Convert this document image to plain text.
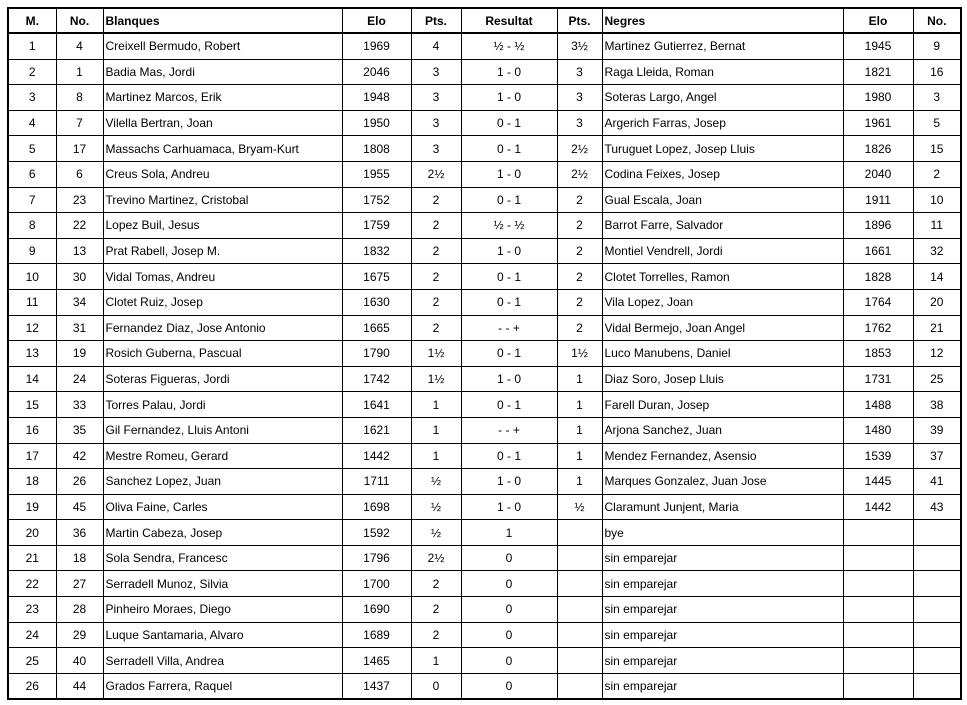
M.	No.	Blanques	Elo	Pts.	Resultat	Pts.	Negres	Elo	No.
1	4	Creixell Bermudo, Robert	1969	4	½ - ½	3½	Martinez Gutierrez, Bernat	1945	9
2	1	Badia Mas, Jordi	2046	3	1 - 0	3	Raga Lleida, Roman	1821	16
3	8	Martinez Marcos, Erik	1948	3	1 - 0	3	Soteras Largo, Angel	1980	3
4	7	Vilella Bertran, Joan	1950	3	0 - 1	3	Argerich Farras, Josep	1961	5
5	17	Massachs Carhuamaca, Bryam-Kurt	1808	3	0 - 1	2½	Turuguet Lopez, Josep Lluis	1826	15
6	6	Creus Sola, Andreu	1955	2½	1 - 0	2½	Codina Feixes, Josep	2040	2
7	23	Trevino Martinez, Cristobal	1752	2	0 - 1	2	Gual Escala, Joan	1911	10
8	22	Lopez Buil, Jesus	1759	2	½ - ½	2	Barrot Farre, Salvador	1896	11
9	13	Prat Rabell, Josep M.	1832	2	1 - 0	2	Montiel Vendrell, Jordi	1661	32
10	30	Vidal Tomas, Andreu	1675	2	0 - 1	2	Clotet Torrelles, Ramon	1828	14
11	34	Clotet Ruiz, Josep	1630	2	0 - 1	2	Vila Lopez, Joan	1764	20
12	31	Fernandez Diaz, Jose Antonio	1665	2	- - +	2	Vidal Bermejo, Joan Angel	1762	21
13	19	Rosich Guberna, Pascual	1790	1½	0 - 1	1½	Luco Manubens, Daniel	1853	12
14	24	Soteras Figueras, Jordi	1742	1½	1 - 0	1	Diaz Soro, Josep Lluis	1731	25
15	33	Torres Palau, Jordi	1641	1	0 - 1	1	Farell Duran, Josep	1488	38
16	35	Gil Fernandez, Lluis Antoni	1621	1	- - +	1	Arjona Sanchez, Juan	1480	39
17	42	Mestre Romeu, Gerard	1442	1	0 - 1	1	Mendez Fernandez, Asensio	1539	37
18	26	Sanchez Lopez, Juan	1711	½	1 - 0	1	Marques Gonzalez, Juan Jose	1445	41
19	45	Oliva Faine, Carles	1698	½	1 - 0	½	Claramunt Junjent, Maria	1442	43
20	36	Martin Cabeza, Josep	1592	½	1		bye		
21	18	Sola Sendra, Francesc	1796	2½	0		sin emparejar		
22	27	Serradell Munoz, Silvia	1700	2	0		sin emparejar		
23	28	Pinheiro Moraes, Diego	1690	2	0		sin emparejar		
24	29	Luque Santamaria, Alvaro	1689	2	0		sin emparejar		
25	40	Serradell Villa, Andrea	1465	1	0		sin emparejar		
26	44	Grados Farrera, Raquel	1437	0	0		sin emparejar		
